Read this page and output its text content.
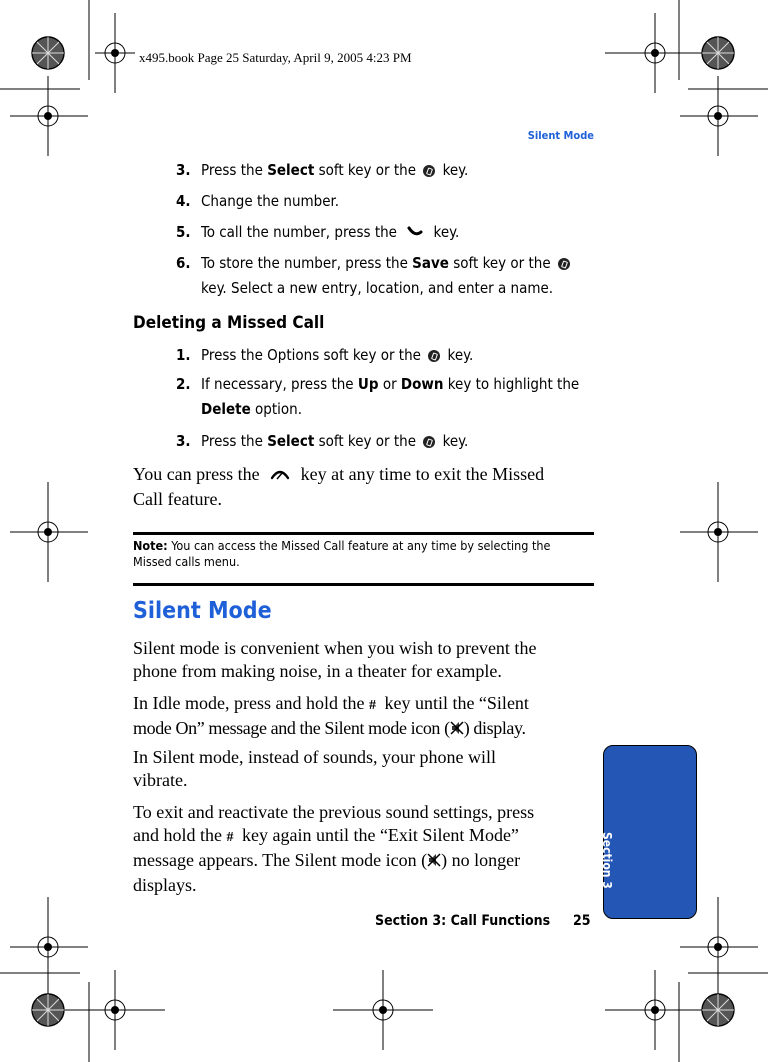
x495.book Page 25 Saturday, April 9, 2005 4:23 PM
Silent Mode
3. Press the Select soft key or the  key.
4. Change the number.
5. To call the number, press the  key.
6. To store the number, press the Save soft key or the
key. Select a new entry, location, and enter a name.
Deleting a Missed Call
1. Press the Options soft key or the  key.
2. If necessary, press the Up or Down key to highlight the
Delete option.
3. Press the Select soft key or the  key.
You can press the  key at any time to exit the Missed
Call feature.
Note: You can access the Missed Call feature at any time by selecting the
Missed calls menu.
Silent Mode
Silent mode is convenient when you wish to prevent the
phone from making noise, in a theater for example.
In Idle mode, press and hold the # key until the “Silent
mode On” message and the Silent mode icon ( ) display.
In Silent mode, instead of sounds, your phone will
vibrate.
To exit and reactivate the previous sound settings, press
and hold the # key again until the “Exit Silent Mode”
message appears. The Silent mode icon ( ) no longer
displays.	Section 3
Section 3: Call Functions 25
